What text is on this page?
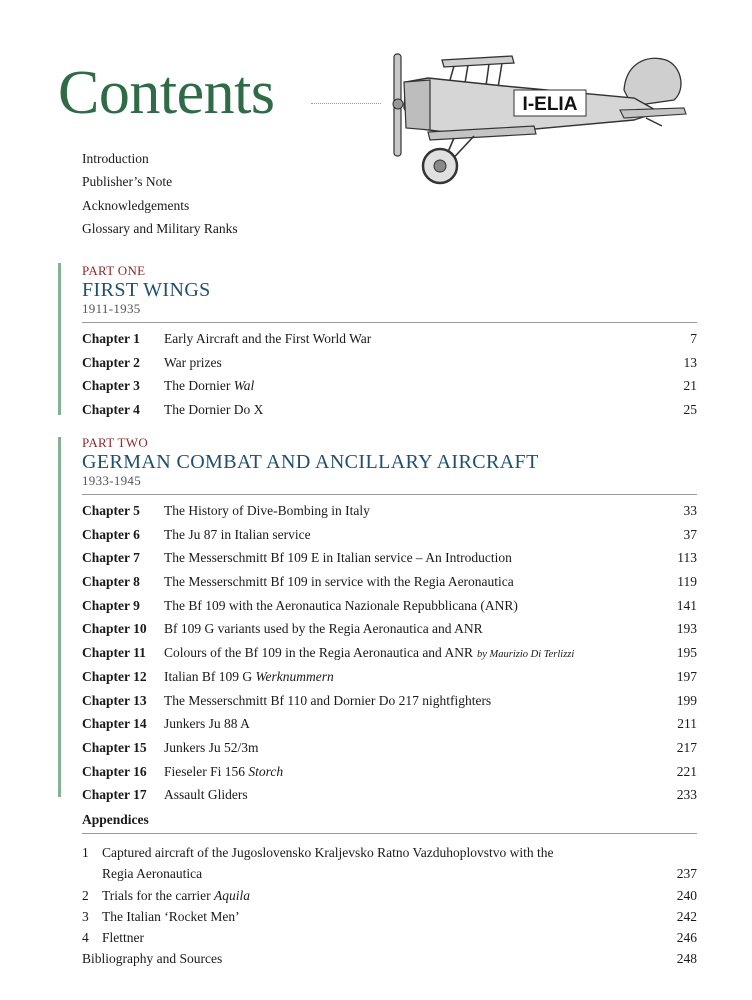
Contents	I-ELIA
Introduction
Publisher’s Note
Acknowledgements
Glossary and Military Ranks
PART ONE
FIRST WINGS
1911-1935
Chapter 1 Early Aircraft and the First World War	7
Chapter 2 War prizes	13
Chapter 3 The Dornier Wal	21
Chapter 4 The Dornier Do X	25
PART TWO
GERMAN COMBAT AND ANCILLARY AIRCRAFT
1933-1945
Chapter 5 The History of Dive-Bombing in Italy	33
Chapter 6 The Ju 87 in Italian service	37
Chapter 7 The Messerschmitt Bf 109 E in Italian service – An Introduction	113
Chapter 8 The Messerschmitt Bf 109 in service with the Regia Aeronautica	119
Chapter 9 The Bf 109 with the Aeronautica Nazionale Repubblicana (ANR)	141
Chapter 10 Bf 109 G variants used by the Regia Aeronautica and ANR	193
Chapter 11 Colours of the Bf 109 in the Regia Aeronautica and ANR by Maurizio Di Terlizzi	195
Chapter 12 Italian Bf 109 G Werknummern	197
Chapter 13 The Messerschmitt Bf 110 and Dornier Do 217 nightfighters	199
Chapter 14 Junkers Ju 88 A	211
Chapter 15 Junkers Ju 52/3m	217
Chapter 16 Fieseler Fi 156 Storch	221
Chapter 17 Assault Gliders	233
Appendices
1 Captured aircraft of the Jugoslovensko Kraljevsko Ratno Vazduhoplovstvo with the
Regia Aeronautica	237
2 Trials for the carrier Aquila	240
3 The Italian ‘Rocket Men’	242
4 Flettner	246
Bibliography and Sources	248
